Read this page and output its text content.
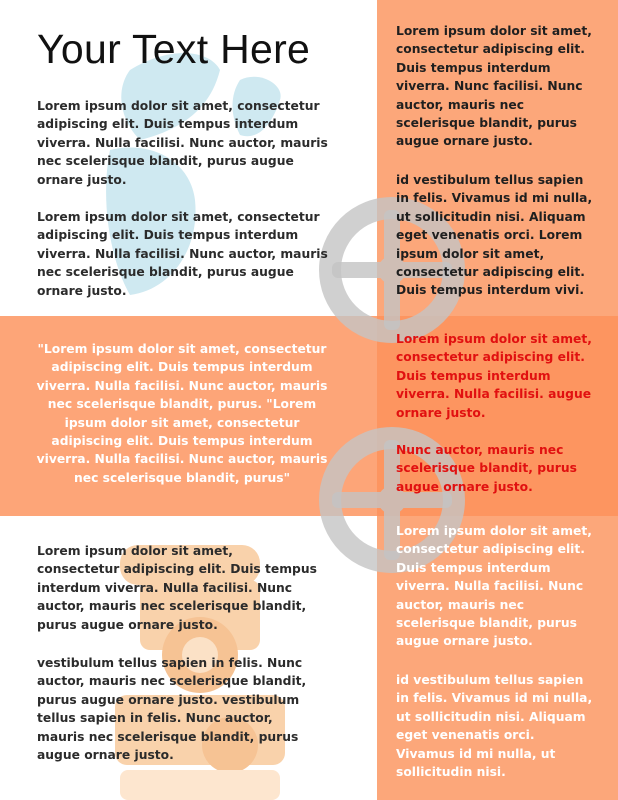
Your Text Here

Lorem ipsum dolor sit amet, consectetur adipiscing elit. Duis tempus interdum viverra. Nulla facilisi. Nunc auctor, mauris nec scelerisque blandit, purus augue ornare justo.

Lorem ipsum dolor sit amet, consectetur adipiscing elit. Duis tempus interdum viverra. Nulla facilisi. Nunc auctor, mauris nec scelerisque blandit, purus augue ornare justo.

Lorem ipsum dolor sit amet, consectetur adipiscing elit. Duis tempus interdum viverra. Nulla facilisi. Nunc auctor, mauris nec scelerisque blandit, purus augue ornare justo.

vestibulum tellus sapien in felis. Nunc auctor, mauris nec scelerisque blandit, purus augue ornare justo. vestibulum tellus sapien in felis. Nunc auctor, mauris nec scelerisque blandit, purus augue ornare justo.

"Lorem ipsum dolor sit amet, consectetur adipiscing elit. Duis tempus interdum viverra. Nulla facilisi. Nunc auctor, mauris nec scelerisque blandit, purus. "Lorem ipsum dolor sit amet, consectetur adipiscing elit. Duis tempus interdum viverra. Nulla facilisi. Nunc auctor, mauris nec scelerisque blandit, purus"

Lorem ipsum dolor sit amet, consectetur adipiscing elit. Duis tempus interdum viverra. Nunc facilisi. Nunc auctor, mauris nec scelerisque blandit, purus augue ornare justo.

id vestibulum tellus sapien in felis. Vivamus id mi nulla, ut sollicitudin nisi. Aliquam eget venenatis orci. Lorem ipsum dolor sit amet, consectetur adipiscing elit. Duis tempus interdum vivi.

Lorem ipsum dolor sit amet, consectetur adipiscing elit. Duis tempus interdum viverra. Nulla facilisi. augue ornare justo.

Nunc auctor, mauris nec scelerisque blandit, purus augue ornare justo.

Lorem ipsum dolor sit amet, consectetur adipiscing elit. Duis tempus interdum viverra. Nulla facilisi. Nunc auctor, mauris nec scelerisque blandit, purus augue ornare justo.

id vestibulum tellus sapien in felis. Vivamus id mi nulla, ut sollicitudin nisi. Aliquam eget venenatis orci. Vivamus id mi nulla, ut sollicitudin nisi.
